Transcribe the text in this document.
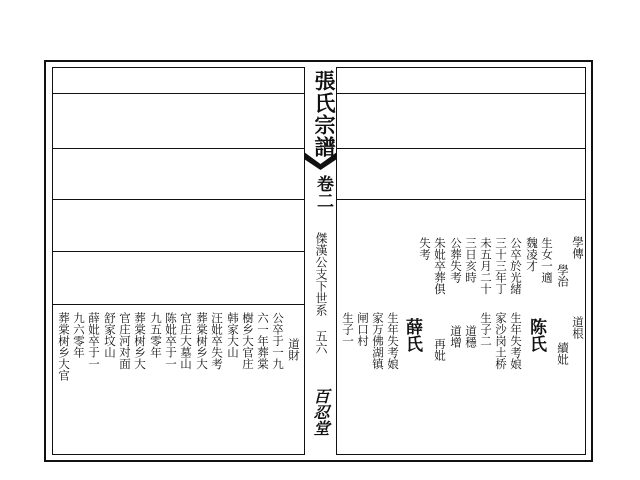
張氏宗譜
卷二
傑漢公支下世系
五六
百忍堂
道根
續妣
學傳
學治
陈氏
生女一適
魏凌才
生年失考娘
家沙岗土桥
公卒於光緒
三十三年丁
生子二
道穩
道增
未五月二十
三日亥時
再妣
公葬失考
朱妣卒葬俱
薛氏
生年失考娘
家万佛湖镇
失考
生子一 闸口村
道財
公卒于一九
六一年葬棠
樹乡大官庄
韩家大山
汪妣卒失考
葬棠树乡大
官庄大墓山
陈妣卒于一
九五零年
葬棠树乡大
官庄河对面
舒家坟山
薛妣卒于一
九六零年
葬棠树乡大官
